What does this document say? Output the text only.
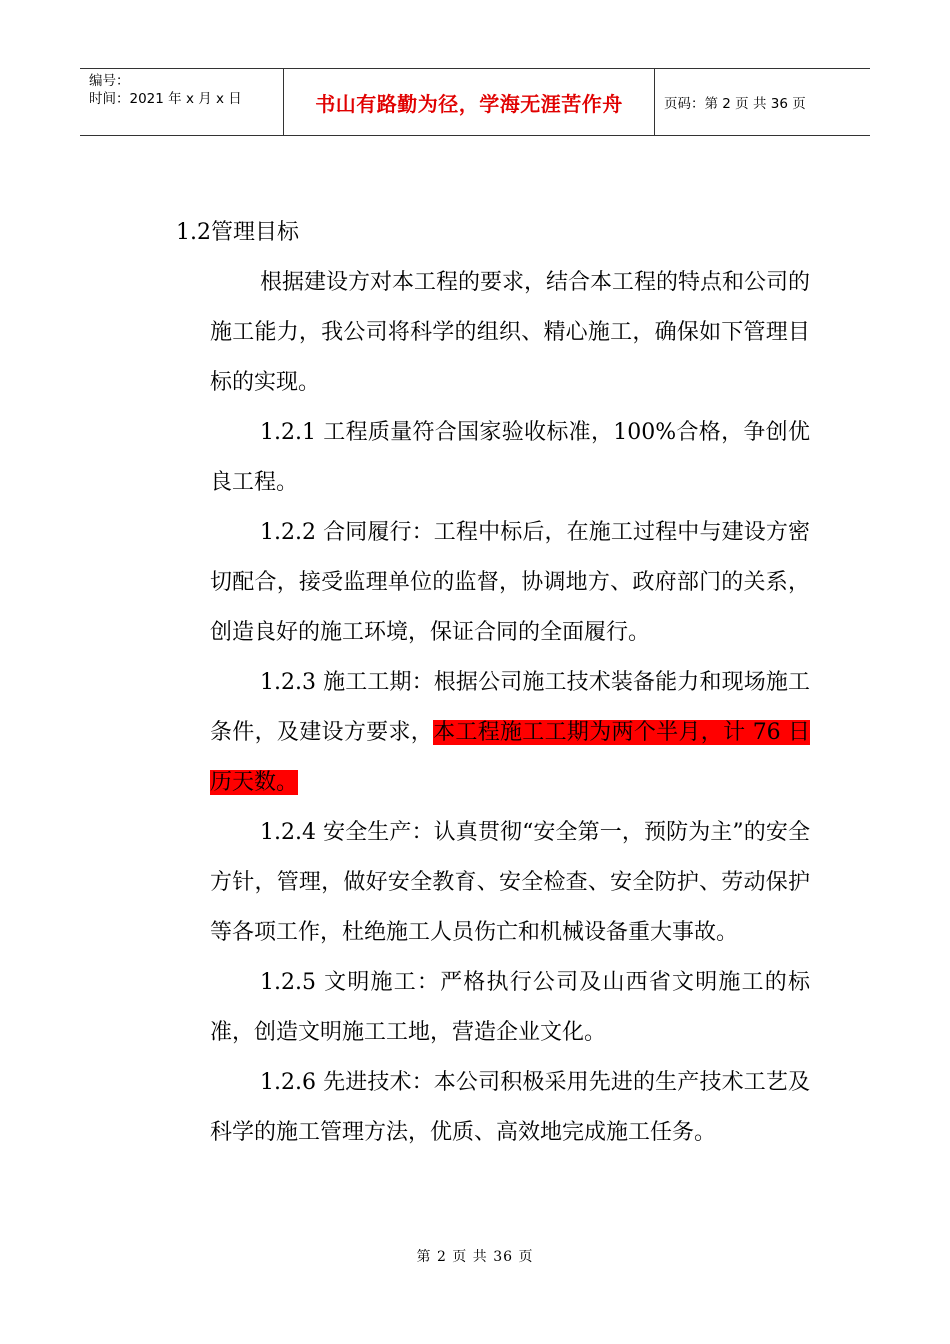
编号：
时间：2021 年 x 月 x 日	书山有路勤为径，学海无涯苦作舟	页码：第 2 页 共 36 页

1.2管理目标

根据建设方对本工程的要求，结合本工程的特点和公司的施工能力，我公司将科学的组织、精心施工，确保如下管理目标的实现。

1.2.1 工程质量符合国家验收标准，100%合格，争创优良工程。

1.2.2 合同履行：工程中标后，在施工过程中与建设方密切配合，接受监理单位的监督，协调地方、政府部门的关系，创造良好的施工环境，保证合同的全面履行。

1.2.3 施工工期：根据公司施工技术装备能力和现场施工条件，及建设方要求，本工程施工工期为两个半月，计 76 日历天数。

1.2.4 安全生产：认真贯彻“安全第一，预防为主”的安全方针，管理，做好安全教育、安全检查、安全防护、劳动保护等各项工作，杜绝施工人员伤亡和机械设备重大事故。

1.2.5 文明施工：严格执行公司及山西省文明施工的标准，创造文明施工工地，营造企业文化。

1.2.6 先进技术：本公司积极采用先进的生产技术工艺及科学的施工管理方法，优质、高效地完成施工任务。

第 2 页 共 36 页
